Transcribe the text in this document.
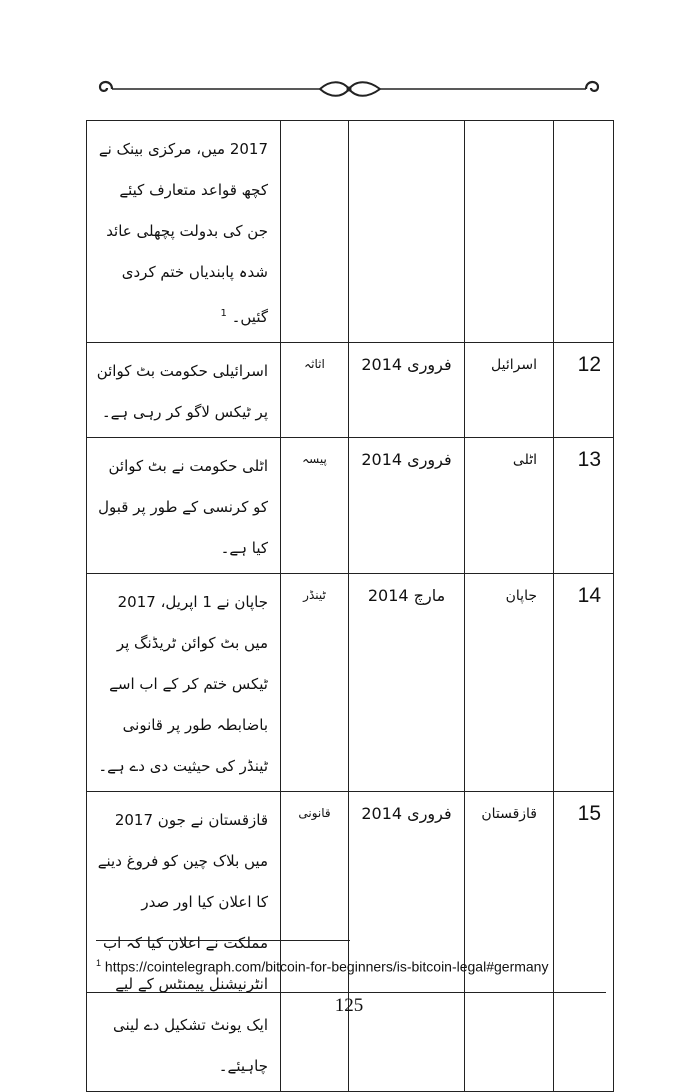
2017 میں، مرکزی بینک نے کچھ قواعد متعارف کیئے جن کی بدولت پچھلی عائد شدہ پابندیاں ختم کردی گئیں۔ $^1$

اسرائیلی حکومت بٹ کوائن پر ٹیکس لاگو کر رہی ہے۔	اثاثہ	فروری 2014	اسرائیل	12

اٹلی حکومت نے بٹ کوائن کو کرنسی کے طور پر قبول کیا ہے۔	پیسہ	فروری 2014	اٹلی	13

جاپان نے 1 اپریل، 2017 میں بٹ کوائن ٹریڈنگ پر ٹیکس ختم کر کے اب اسے باضابطہ طور پر قانونی ٹینڈر کی حیثیت دی دے ہے۔	ٹینڈر	مارچ 2014	جاپان	14

قازقستان نے جون 2017 میں بلاک چین کو فروغ دینے کا اعلان کیا اور صدر مملکت نے اعلان کیا کہ اب انٹرنیشنل پیمنٹس کے لیے ایک یونٹ تشکیل دے لینی چاہیئے۔	قانونی	فروری 2014	قازقستان	15
$^1$ https://cointelegraph.com/bitcoin-for-beginners/is-bitcoin-legal#germany
125
